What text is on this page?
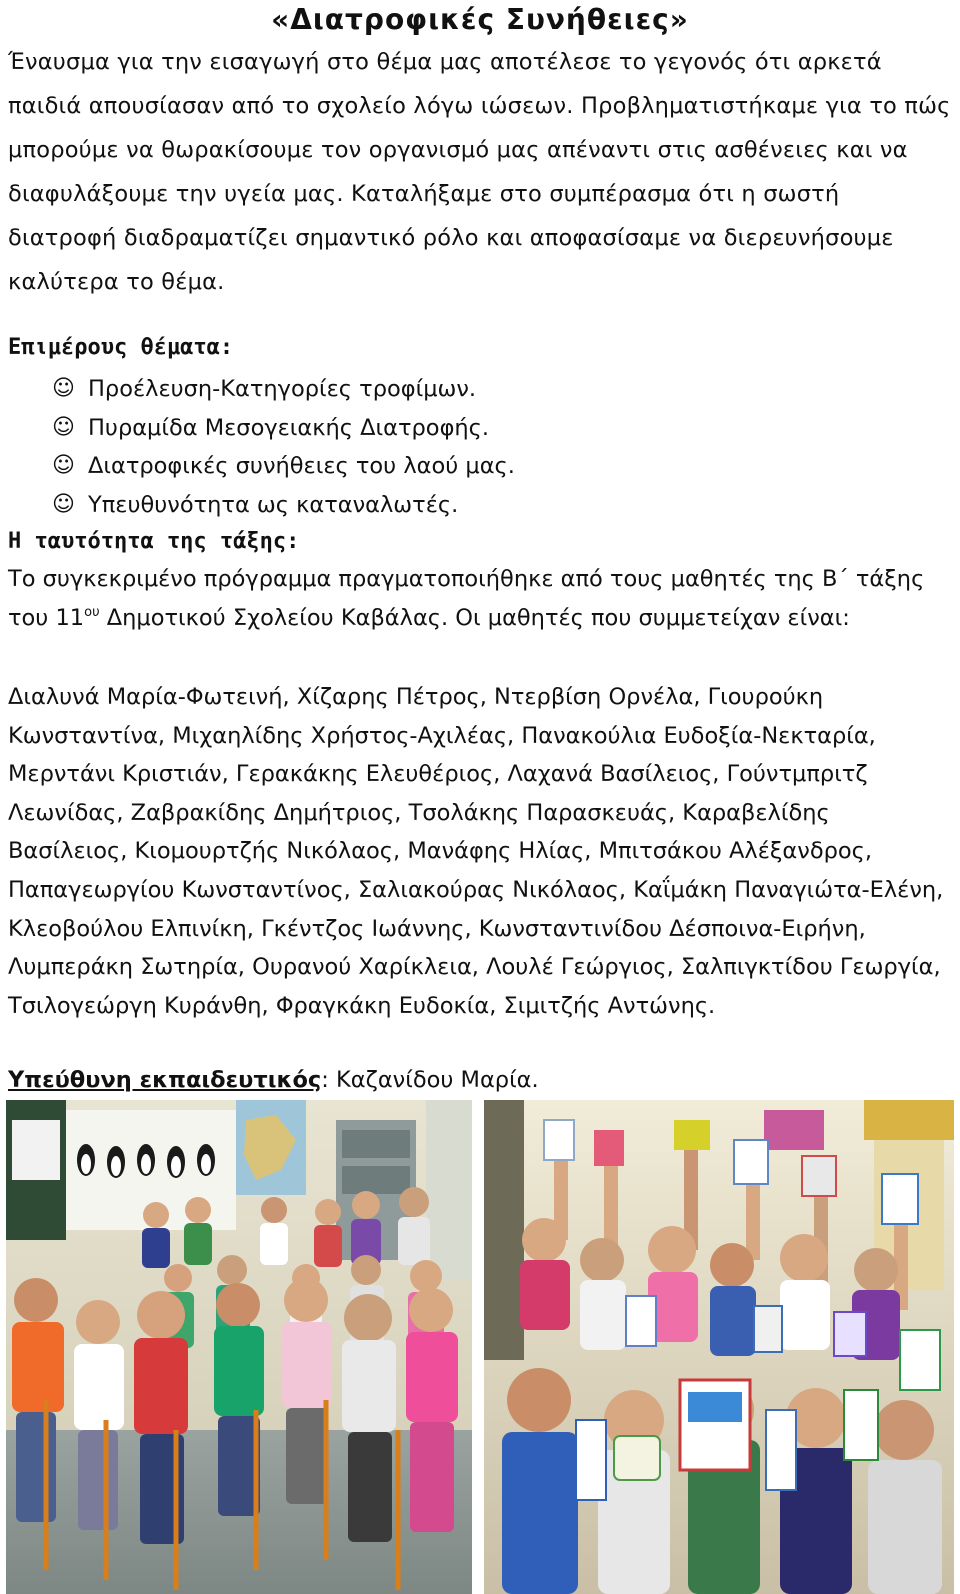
«Διατροφικές Συνήθειες»
Έναυσμα για την εισαγωγή στο θέμα μας αποτέλεσε το γεγονός ότι αρκετά παιδιά απουσίασαν από το σχολείο λόγω ιώσεων. Προβληματιστήκαμε για το πώς μπορούμε να θωρακίσουμε τον οργανισμό μας απέναντι στις ασθένειες και να διαφυλάξουμε την υγεία μας. Καταλήξαμε στο συμπέρασμα ότι η σωστή διατροφή διαδραματίζει σημαντικό ρόλο και αποφασίσαμε να διερευνήσουμε καλύτερα το θέμα.
Επιμέρους θέματα:
☺ Προέλευση-Κατηγορίες τροφίμων.
☺ Πυραμίδα Μεσογειακής Διατροφής.
☺ Διατροφικές συνήθειες του λαού μας.
☺ Υπευθυνότητα ως καταναλωτές.
Η ταυτότητα της τάξης:
Το συγκεκριμένο πρόγραμμα πραγματοποιήθηκε από τους μαθητές της Β΄ τάξης του $11^{o\upsilon}$ Δημοτικού Σχολείου Καβάλας. Οι μαθητές που συμμετείχαν είναι:
Διαλυνά Μαρία-Φωτεινή, Χίζαρης Πέτρος, Ντερβίση Ορνέλα, Γιουρούκη Κωνσταντίνα, Μιχαηλίδης Χρήστος-Αχιλέας, Πανακούλια Ευδοξία-Νεκταρία, Μερντάνι Κριστιάν, Γερακάκης Ελευθέριος, Λαχανά Βασίλειος, Γούντμπριτζ Λεωνίδας, Ζαβρακίδης Δημήτριος, Τσολάκης Παρασκευάς, Καραβελίδης Βασίλειος, Κιομουρτζής Νικόλαος, Μανάφης Ηλίας, Μπιτσάκου Αλέξανδρος, Παπαγεωργίου Κωνσταντίνος, Σαλιακούρας Νικόλαος, Καΐμάκη Παναγιώτα-Ελένη, Κλεοβούλου Ελπινίκη, Γκέντζος Ιωάννης, Κωνσταντινίδου Δέσποινα-Ειρήνη, Λυμπεράκη Σωτηρία, Ουρανού Χαρίκλεια, Λουλέ Γεώργιος, Σαλπιγκτίδου Γεωργία, Τσιλογεώργη Κυράνθη, Φραγκάκη Ευδοκία, Σιμιτζής Αντώνης.
Υπεύθυνη εκπαιδευτικός: Καζανίδου Μαρία.
